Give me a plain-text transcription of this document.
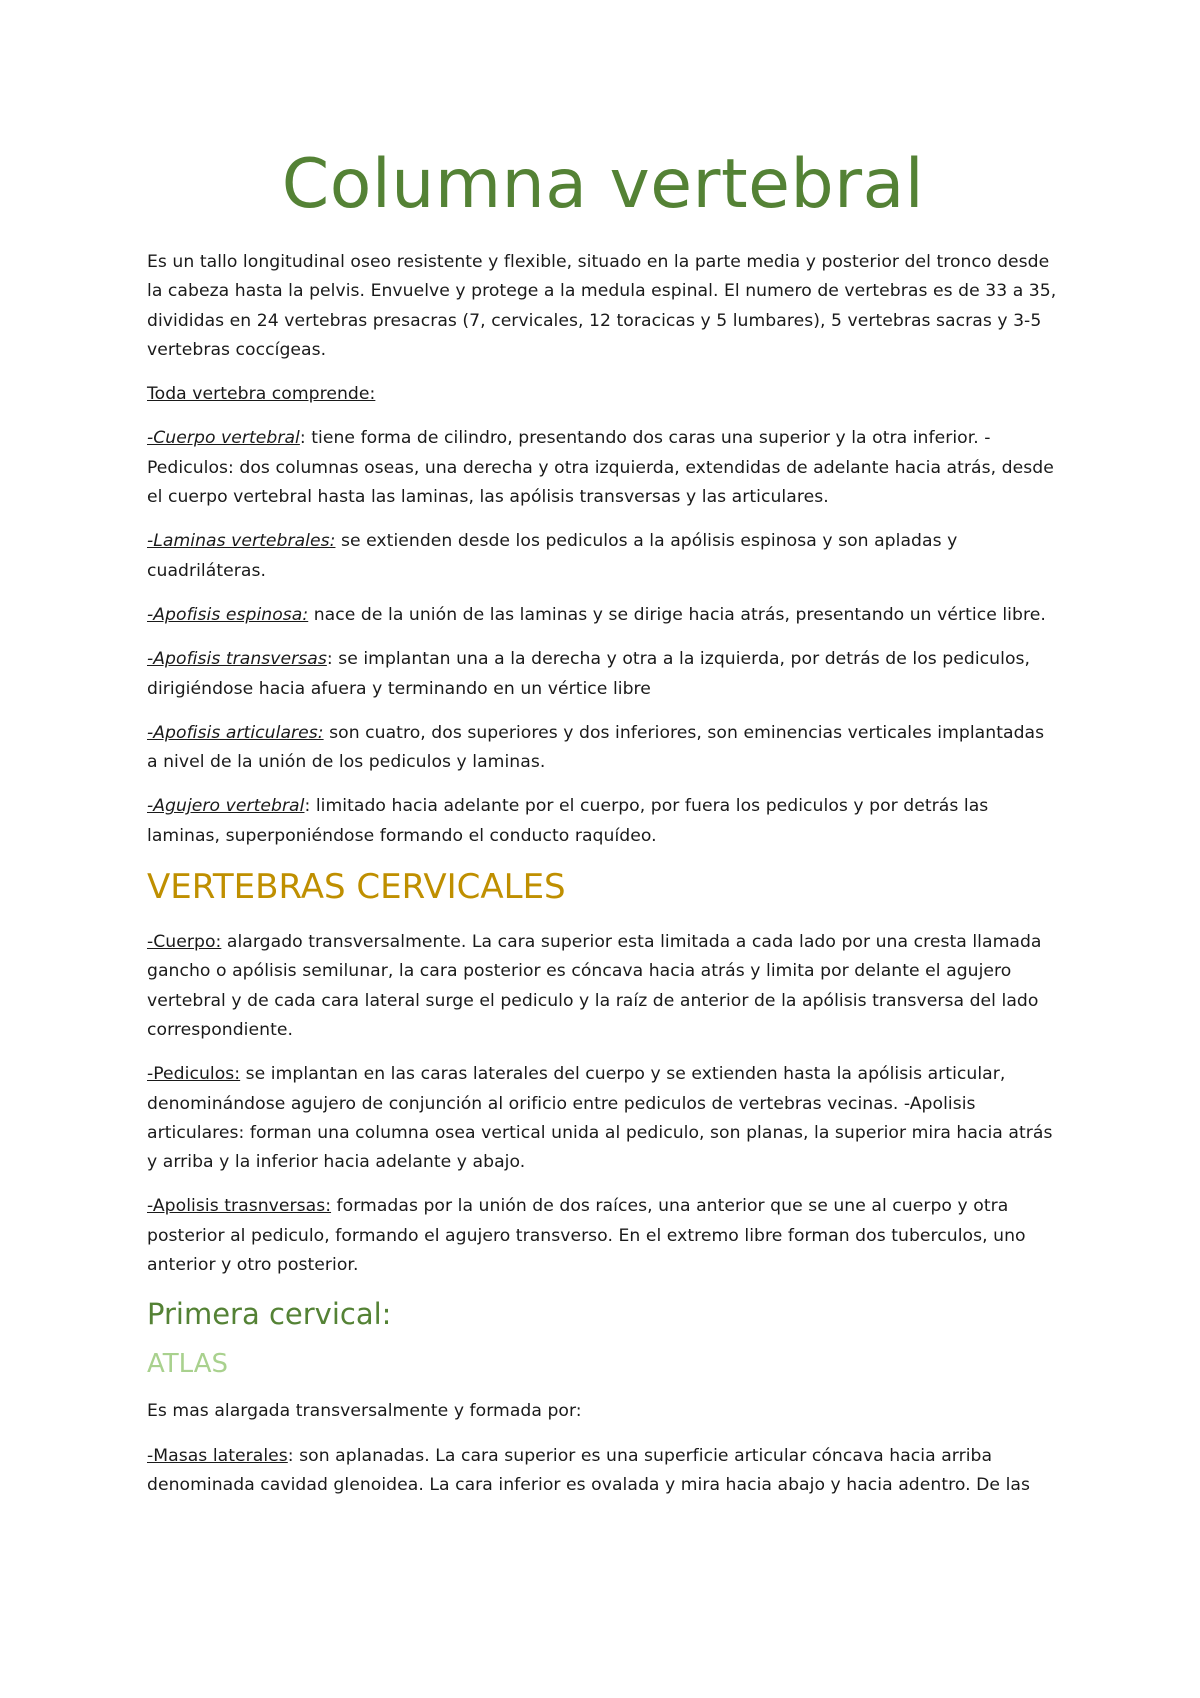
Columna vertebral

Es un tallo longitudinal oseo resistente y flexible, situado en la parte media y posterior del tronco desde la cabeza hasta la pelvis. Envuelve y protege a la medula espinal. El numero de vertebras es de 33 a 35, divididas en 24 vertebras presacras (7, cervicales, 12 toracicas y 5 lumbares), 5 vertebras sacras y 3-5 vertebras coccígeas.

Toda vertebra comprende:

-Cuerpo vertebral: tiene forma de cilindro, presentando dos caras una superior y la otra inferior. -Pediculos: dos columnas oseas, una derecha y otra izquierda, extendidas de adelante hacia atrás, desde el cuerpo vertebral hasta las laminas, las apólisis transversas y las articulares.

-Laminas vertebrales: se extienden desde los pediculos a la apólisis espinosa y son apladas y cuadriláteras.

-Apofisis espinosa: nace de la unión de las laminas y se dirige hacia atrás, presentando un vértice libre.

-Apofisis transversas: se implantan una a la derecha y otra a la izquierda, por detrás de los pediculos, dirigiéndose hacia afuera y terminando en un vértice libre

-Apofisis articulares: son cuatro, dos superiores y dos inferiores, son eminencias verticales implantadas a nivel de la unión de los pediculos y laminas.

-Agujero vertebral: limitado hacia adelante por el cuerpo, por fuera los pediculos y por detrás las laminas, superponiéndose formando el conducto raquídeo.

VERTEBRAS CERVICALES

-Cuerpo: alargado transversalmente. La cara superior esta limitada a cada lado por una cresta llamada gancho o apólisis semilunar, la cara posterior es cóncava hacia atrás y limita por delante el agujero vertebral y de cada cara lateral surge el pediculo y la raíz de anterior de la apólisis transversa del lado correspondiente.

-Pediculos: se implantan en las caras laterales del cuerpo y se extienden hasta la apólisis articular, denominándose agujero de conjunción al orificio entre pediculos de vertebras vecinas. -Apolisis articulares: forman una columna osea vertical unida al pediculo, son planas, la superior mira hacia atrás y arriba y la inferior hacia adelante y abajo.

-Apolisis trasnversas: formadas por la unión de dos raíces, una anterior que se une al cuerpo y otra posterior al pediculo, formando el agujero transverso. En el extremo libre forman dos tuberculos, uno anterior y otro posterior.

Primera cervical:
ATLAS

Es mas alargada transversalmente y formada por:

-Masas laterales: son aplanadas. La cara superior es una superficie articular cóncava hacia arriba denominada cavidad glenoidea. La cara inferior es ovalada y mira hacia abajo y hacia adentro. De las
